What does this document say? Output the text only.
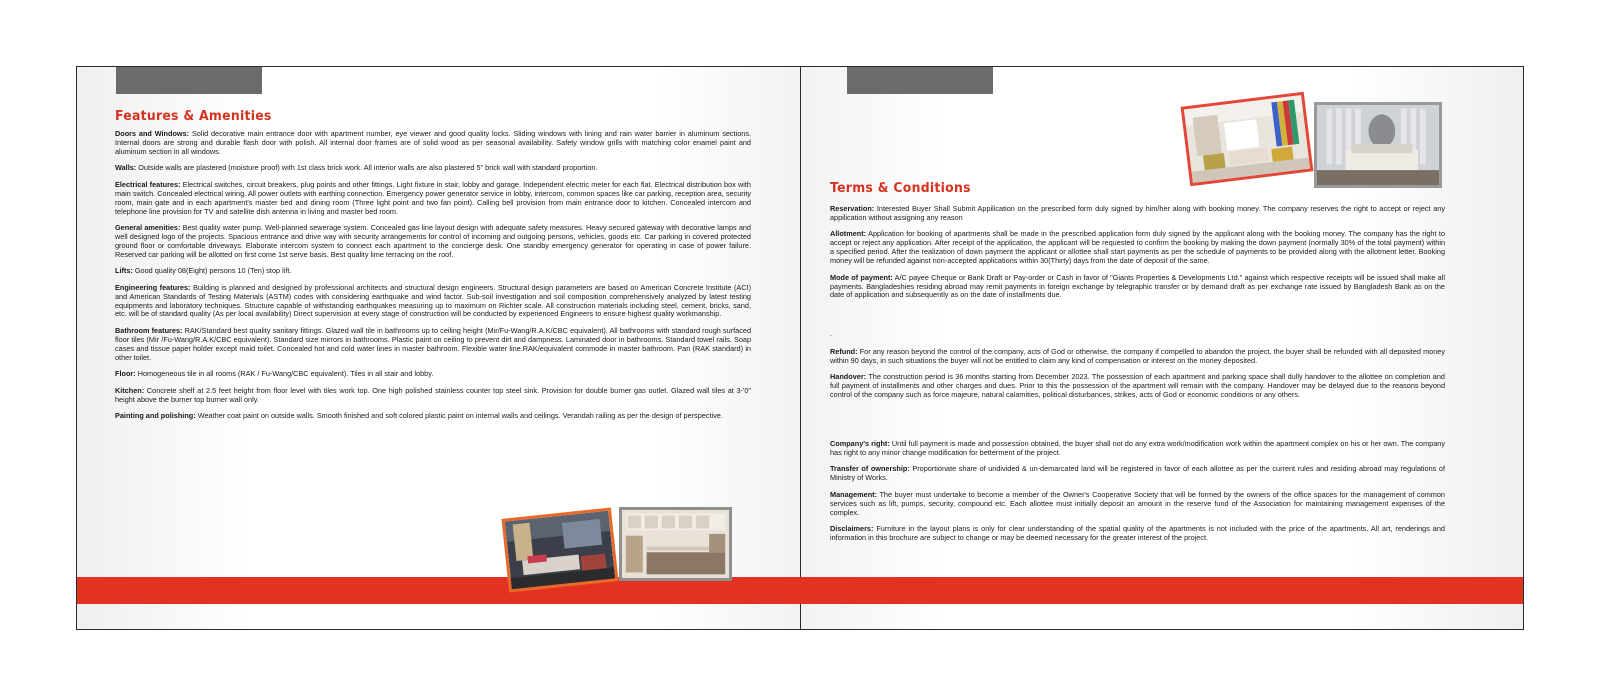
Features & Amenities

Doors and Windows: Solid decorative main entrance door with apartment number, eye viewer and good quality locks. Sliding windows with lining and rain water barrier in aluminum sections. Internal doors are strong and durable flash door with polish. All internal door frames are of solid wood as per seasonal availability. Safety window grills with matching color enamel paint and aluminum section in all windows.

Walls: Outside walls are plastered (moisture proof) with 1st class brick work. All interior walls are also plastered 5" brick wall with standard proportion.

Electrical features: Electrical switches, circuit breakers, plug points and other fittings. Light fixture in stair, lobby and garage. Independent electric meter for each flat. Electrical distribution box with main switch. Concealed electrical wiring. All power outlets with earthing connection. Emergency power generator service in lobby, intercom, common spaces like car parking, reception area, security room, main gate and in each apartment's master bed and dining room (Three light point and two fan point). Calling bell provision from main entrance door to kitchen. Concealed intercom and telephone line provision for TV and satellite dish antenna in living and master bed room.

General amenities: Best quality water pump. Well-planned sewerage system. Concealed gas line layout design with adequate safety measures. Heavy secured gateway with decorative lamps and well designed logo of the projects. Spacious entrance and drive way with security arrangements for control of incoming and outgoing persons, vehicles, goods etc. Car parking in covered protected ground floor or comfortable driveways. Elaborate intercom system to connect each apartment to the concierge desk. One standby emergency generator for operating in case of power failure. Reserved car parking will be allotted on first come 1st serve basis. Best quality lime terracing on the roof.

Lifts: Good quality 08(Eight) persons 10 (Ten) stop lift.

Engineering features: Building is planned and designed by professional architects and structural design engineers. Structural design parameters are based on American Concrete Institute (ACI) and American Standards of Testing Materials (ASTM) codes with considering earthquake and wind factor. Sub-soil investigation and soil composition comprehensively analyzed by latest testing equipments and laboratory techniques. Structure capable of withstanding earthquakes measuring up to maximum on Richter scale. All construction materials including steel, cement, bricks, sand, etc. will be of standard quality (As per local availability) Direct supervision at every stage of construction will be conducted by experienced Engineers to ensure highest quality workmanship.

Bathroom features: RAK/Standard best quality sanitary fittings. Glazed wall tile in bathrooms up to ceiling height (Mir/Fu-Wang/R.A.K/CBC equivalent). All bathrooms with standard rough surfaced floor tiles (Mir /Fu-Wang/R.A.K/CBC equivalent). Standard size mirrors in bathrooms. Plastic paint on ceiling to prevent dirt and dampness. Laminated door in bathrooms. Standard towel rails. Soap cases and tissue paper holder except maid toilet. Concealed hot and cold water lines in master bathroom. Flexible water line.RAK/equivalent commode in master bathroom. Pan (RAK standard) in other toilet.

Floor: Homogeneous tile in all rooms (RAK / Fu-Wang/CBC equivalent). Tiles in all stair and lobby.

Kitchen: Concrete shelf at 2.5 feet height from floor level with tiles work top. One high polished stainless counter top steel sink. Provision for double burner gas outlet. Glazed wall tiles at 3-'0" height above the burner top burner wall only.

Painting and polishing: Weather coat paint on outside walls. Smooth finished and soft colored plastic paint on internal walls and ceilings. Verandah railing as per the design of perspective.

Terms & Conditions

Reservation: Interested Buyer Shall Submit Appilication on the prescribed form duly signed by him/her along with booking money. The company reserves the right to accept or reject any appilication without assigning any reason

Allotment: Application for booking of apartments shall be made in the prescribed application form duly signed by the applicant along with the booking money. The company has the right to accept or reject any application. After receipt of the application, the applicant will be requested to confirm the booking by making the down payment (normally 30% of the total payment) within a specified period. After the realization of down payment the applicant or allottee shall start payments as per the schedule of payments to be provided along with the allotment letter. Booking money will be refunded against non-accepted applications within 30(Thirty) days from the date of deposit of the same.

Mode of payment: A/C payee Cheque or Bank Draft or Pay-order or Cash in favor of "Giants Properties & Developments Ltd." against which respective receipts will be issued shall make all payments. Bangladeshies residing abroad may remit payments in foreign exchange by telegraphic transfer or by demand draft as per exchange rate issued by Bangladesh Bank as on the date of application and subsequently as on the date of installments due.

.

Refund: For any reason beyond the control of the company, acts of God or otherwise, the company if compelled to abandon the project, the buyer shall be refunded with all deposited money within 90 days, in such situations the buyer will not be entitled to claim any kind of compensation or interest on the money deposited.

Handover: The construction period is 36 months starting from December 2023. The possession of each apartment and parking space shall dully handover to the allottee on completion and full payment of installments and other charges and dues. Prior to this the possession of the apartment will remain with the company. Handover may be delayed due to the reasons beyond control of the company such as force majeure, natural calamities, political disturbances, strikes, acts of God or economic conditions or any others.

Company's right: Until full payment is made and possession obtained, the buyer shall not do any extra work/modification work within the apartment complex on his or her own. The company has right to any minor change modification for betterment of the project.

Transfer of ownership: Proportionate share of undivided & un-demarcated land will be registered in favor of each allottee as per the current rules and residing abroad may regulations of Ministry of Works.

Management: The buyer must undertake to become a member of the Owner's Cooperative Society that will be formed by the owners of the office spaces for the management of common services such as lift, pumps, security, compound etc. Each allottee must initially deposit an amount in the reserve fund of the Association for maintaining management expenses of the complex.

Disclaimers: Furniture in the layout plans is only for clear understanding of the spatial quality of the apartments is not included with the price of the apartments. All art, renderings and information in this brochure are subject to change or may be deemed necessary for the greater interest of the project.
